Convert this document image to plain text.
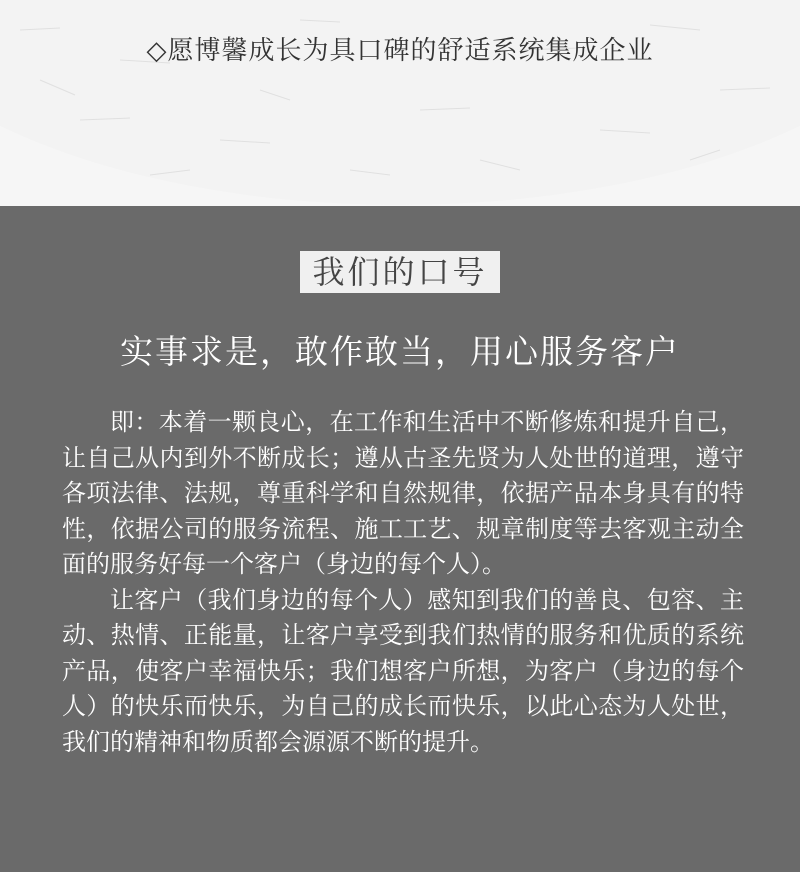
◇愿博馨成长为具口碑的舒适系统集成企业
我们的口号
实事求是，敢作敢当，用心服务客户

即：本着一颗良心，在工作和生活中不断修炼和提升自己，让自己从内到外不断成长；遵从古圣先贤为人处世的道理，遵守各项法律、法规，尊重科学和自然规律，依据产品本身具有的特性，依据公司的服务流程、施工工艺、规章制度等去客观主动全面的服务好每一个客户（身边的每个人）。

让客户（我们身边的每个人）感知到我们的善良、包容、主动、热情、正能量，让客户享受到我们热情的服务和优质的系统产品，使客户幸福快乐；我们想客户所想，为客户（身边的每个人）的快乐而快乐，为自己的成长而快乐，以此心态为人处世，我们的精神和物质都会源源不断的提升。
